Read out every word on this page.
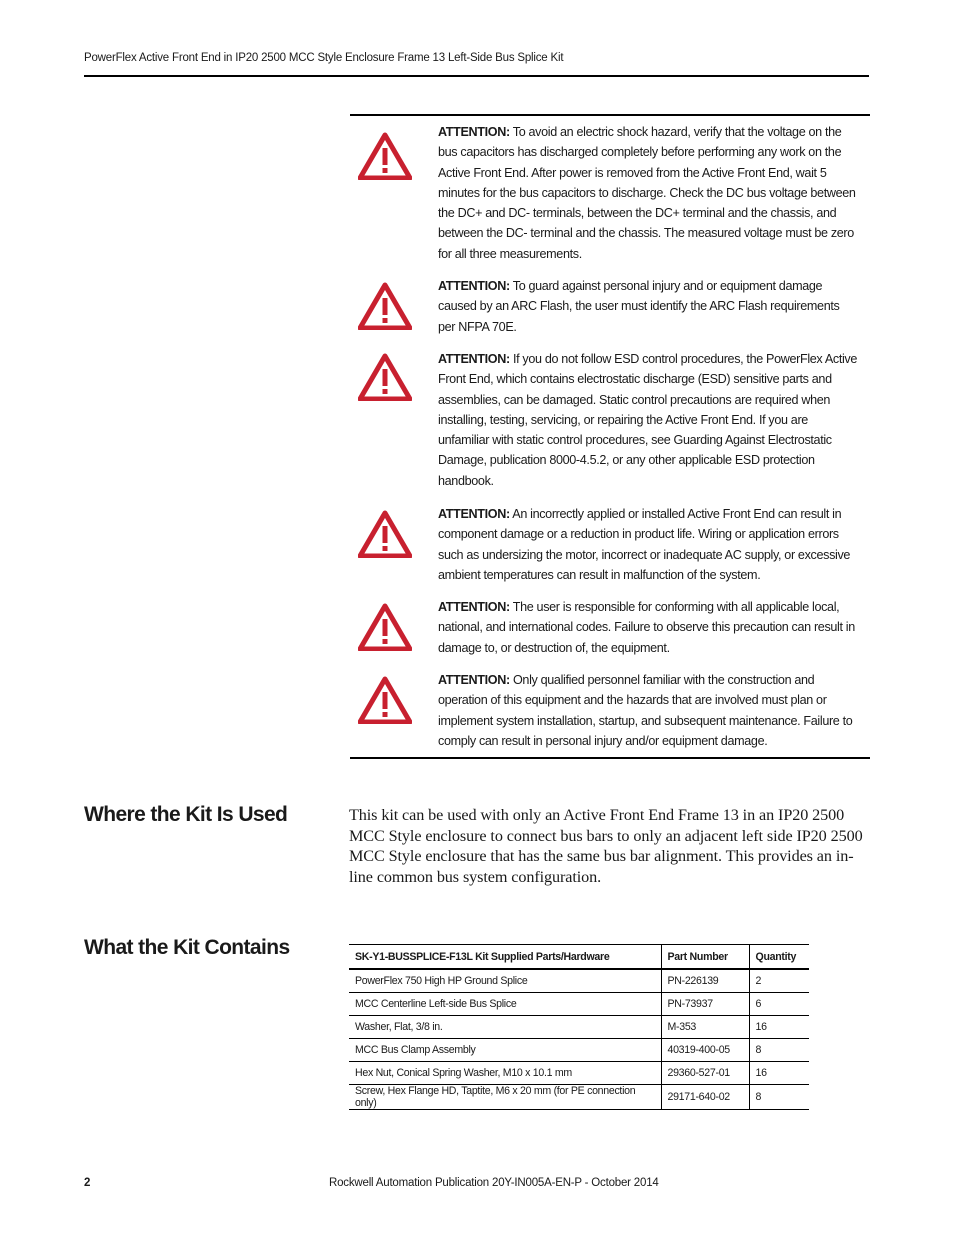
PowerFlex Active Front End in IP20 2500 MCC Style Enclosure Frame 13 Left-Side Bus Splice Kit
ATTENTION: To avoid an electric shock hazard, verify that the voltage on the bus capacitors has discharged completely before performing any work on the Active Front End. After power is removed from the Active Front End, wait 5 minutes for the bus capacitors to discharge. Check the DC bus voltage between the DC+ and DC- terminals, between the DC+ terminal and the chassis, and between the DC- terminal and the chassis. The measured voltage must be zero for all three measurements.
ATTENTION: To guard against personal injury and or equipment damage caused by an ARC Flash, the user must identify the ARC Flash requirements per NFPA 70E.
ATTENTION: If you do not follow ESD control procedures, the PowerFlex Active Front End, which contains electrostatic discharge (ESD) sensitive parts and assemblies, can be damaged. Static control precautions are required when installing, testing, servicing, or repairing the Active Front End. If you are unfamiliar with static control procedures, see Guarding Against Electrostatic Damage, publication 8000-4.5.2, or any other applicable ESD protection handbook.
ATTENTION: An incorrectly applied or installed Active Front End can result in component damage or a reduction in product life. Wiring or application errors such as undersizing the motor, incorrect or inadequate AC supply, or excessive ambient temperatures can result in malfunction of the system.
ATTENTION: The user is responsible for conforming with all applicable local, national, and international codes. Failure to observe this precaution can result in damage to, or destruction of, the equipment.
ATTENTION: Only qualified personnel familiar with the construction and operation of this equipment and the hazards that are involved must plan or implement system installation, startup, and subsequent maintenance. Failure to comply can result in personal injury and/or equipment damage.
Where the Kit Is Used	This kit can be used with only an Active Front End Frame 13 in an IP20 2500 MCC Style enclosure to connect bus bars to only an adjacent left side IP20 2500 MCC Style enclosure that has the same bus bar alignment. This provides an in-line common bus system configuration.
What the Kit Contains	SK-Y1-BUSSPLICE-F13L Kit Supplied Parts/Hardware	Part Number	Quantity
PowerFlex 750 High HP Ground Splice	PN-226139	2
MCC Centerline Left-side Bus Splice	PN-73937	6
Washer, Flat, 3/8 in.	M-353	16
MCC Bus Clamp Assembly	40319-400-05	8
Hex Nut, Conical Spring Washer, M10 x 10.1 mm	29360-527-01	16
Screw, Hex Flange HD, Taptite, M6 x 20 mm (for PE connection only)	29171-640-02	8
2	Rockwell Automation Publication 20Y-IN005A-EN-P - October 2014
